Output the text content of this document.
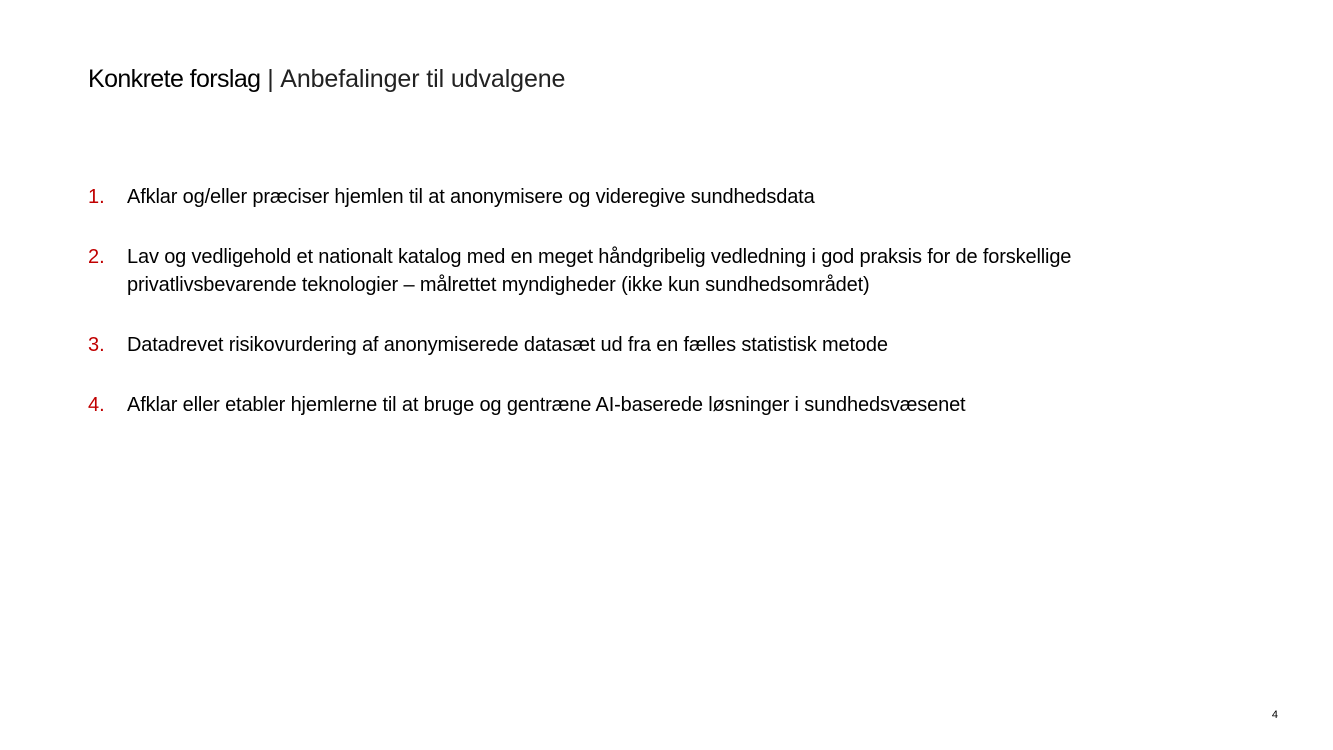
Konkrete forslag | Anbefalinger til udvalgene
1.	Afklar og/eller præciser hjemlen til at anonymisere og videregive sundhedsdata
2.	Lav og vedligehold et nationalt katalog med en meget håndgribelig vedledning i god praksis for de forskellige privatlivsbevarende teknologier – målrettet myndigheder (ikke kun sundhedsområdet)
3.	Datadrevet risikovurdering af anonymiserede datasæt ud fra en fælles statistisk metode
4.	Afklar eller etabler hjemlerne til at bruge og gentræne AI-baserede løsninger i sundhedsvæsenet
4
